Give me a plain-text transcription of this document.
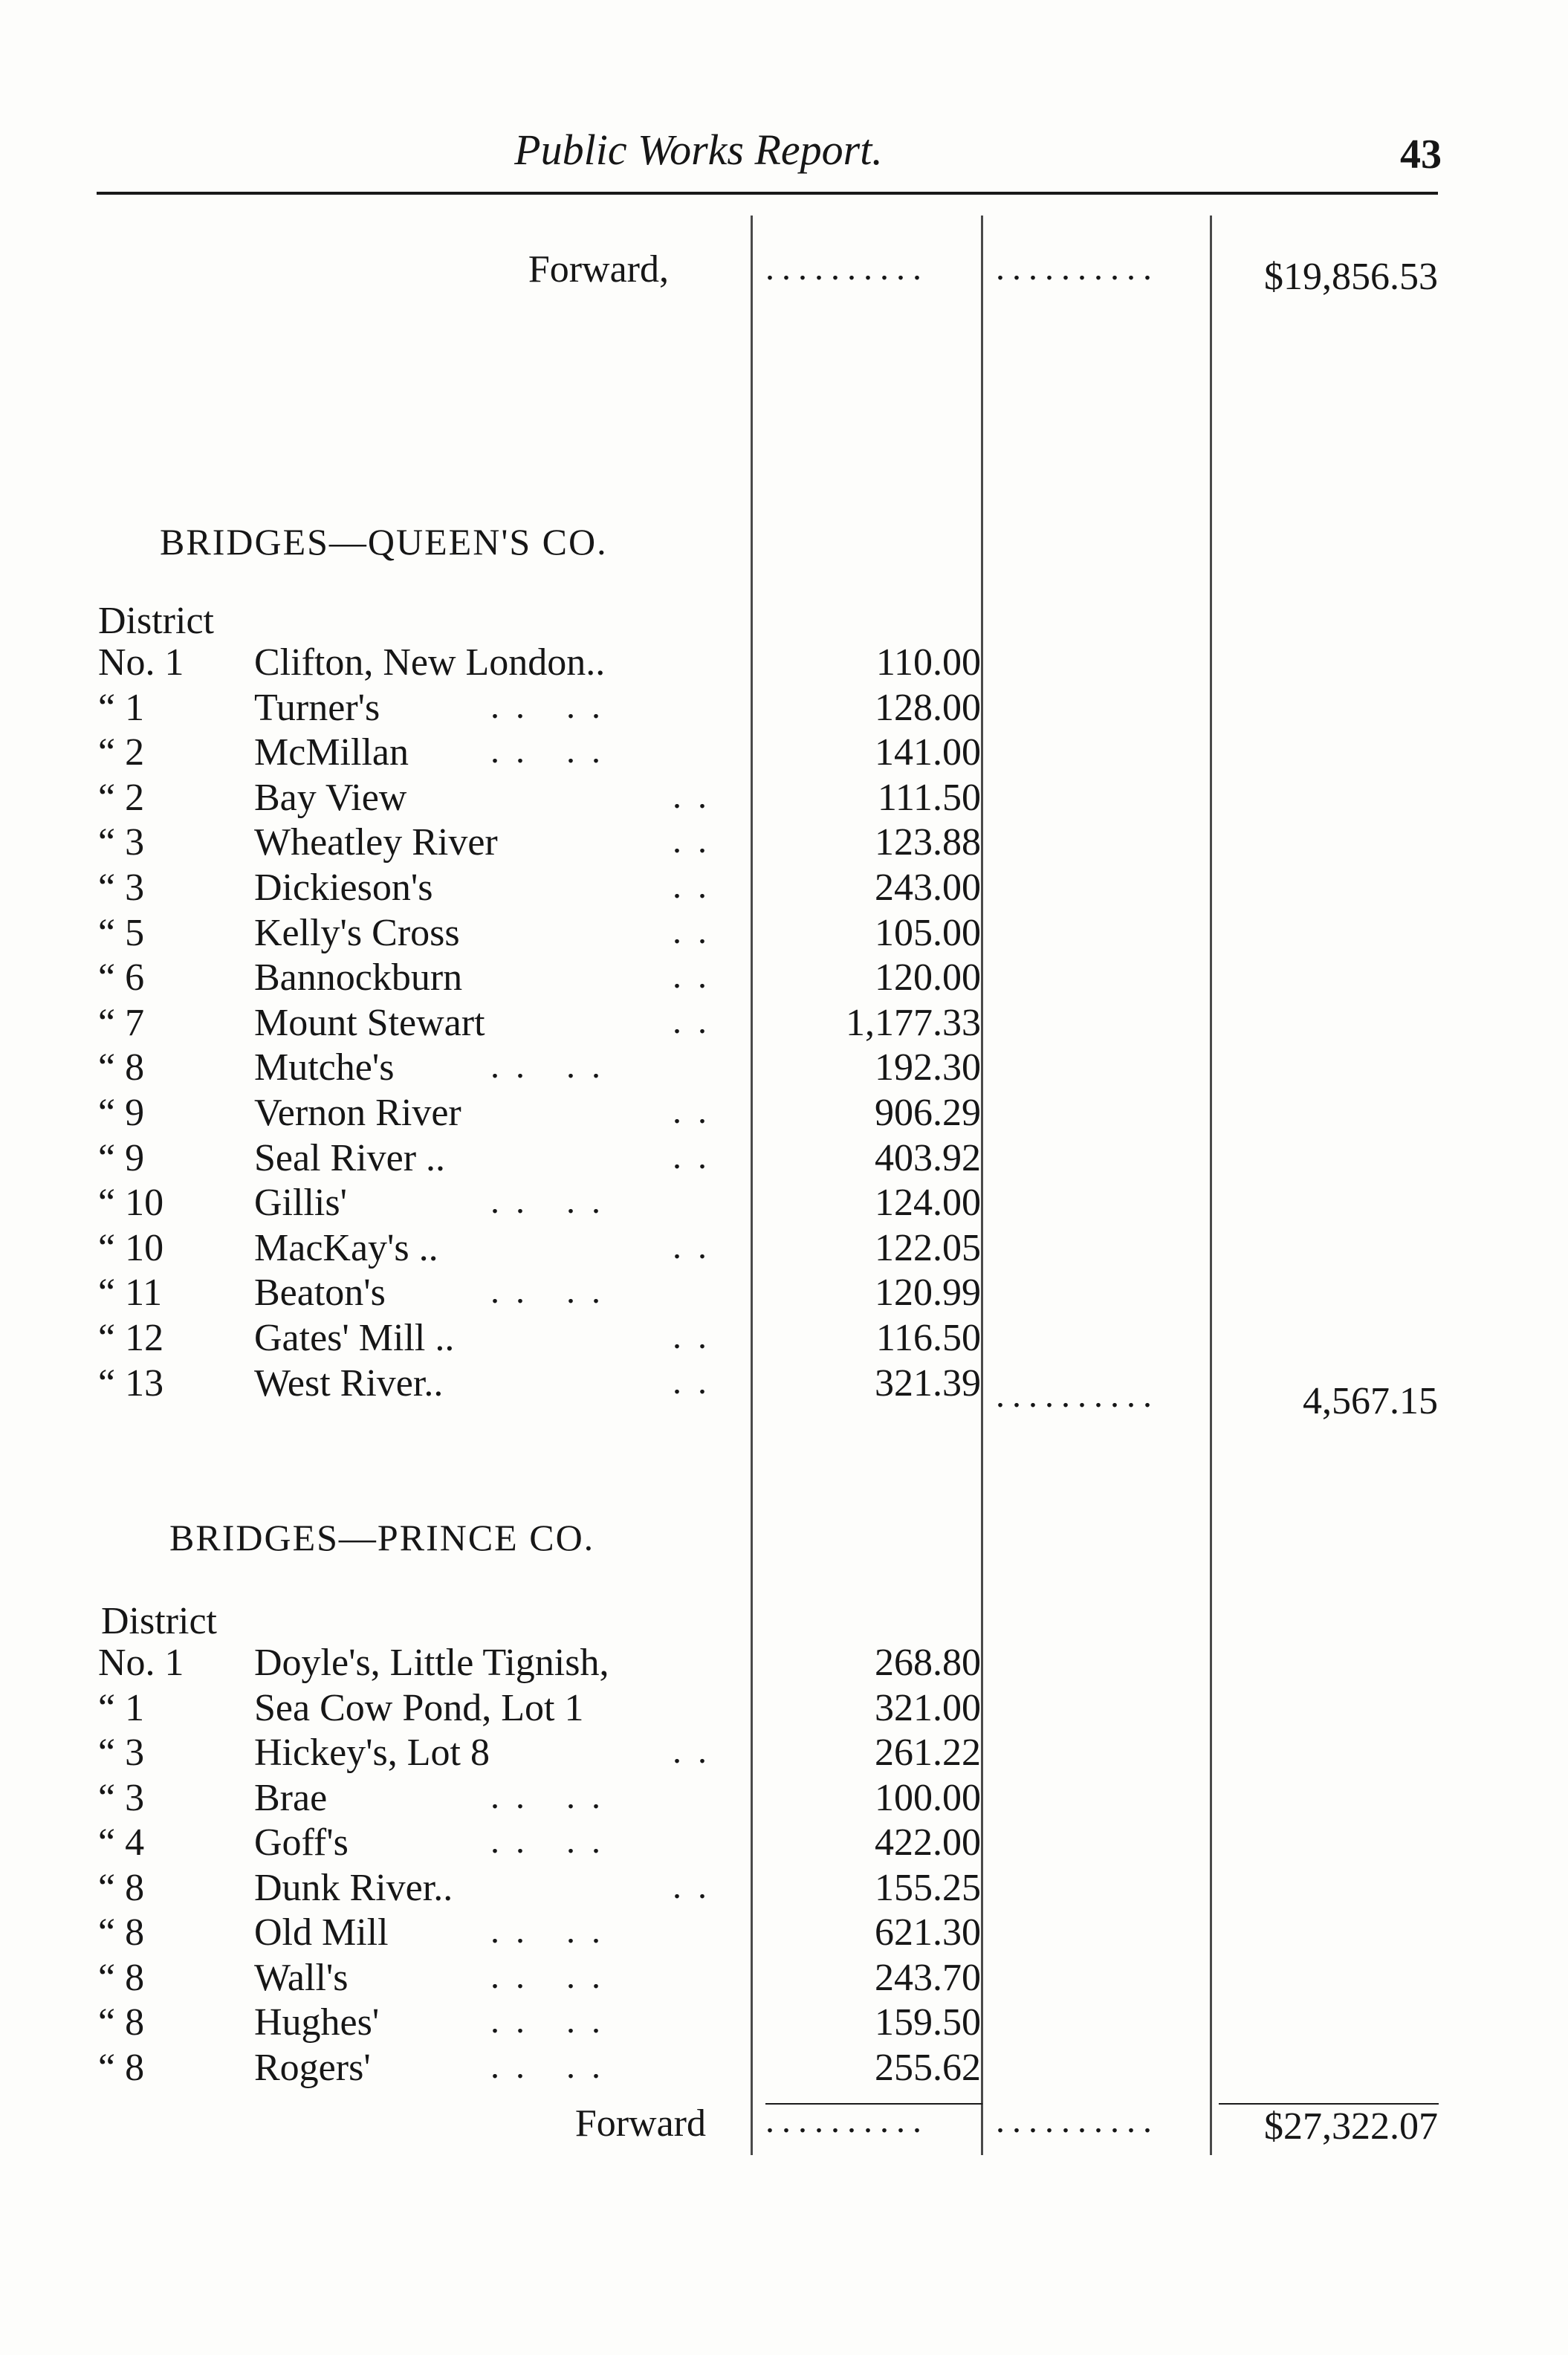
Public Works Report.	43
Forward,	..........	..........	$19,856.53
BRIDGES—QUEEN'S CO.
District
No. 1	Clifton, New London..	110.00
“ 1	Turner's	.. ..	128.00
“ 2	McMillan .. ..	141.00
“ 2	Bay View	..	111.50
“ 3	Wheatley River	..	123.88
“ 3	Dickieson's	..	243.00
“ 5	Kelly's Cross	..	105.00
“ 6	Bannockburn	..	120.00
“ 7	Mount Stewart	..	1,177.33
“ 8	Mutche's	.. ..	192.30
“ 9	Vernon River	..	906.29
“ 9	Seal River ..	..	403.92
“ 10	Gillis'	.. ..	124.00
“ 10	MacKay's ..	..	122.05
“ 11	Beaton's	.. ..	120.99
“ 12	Gates' Mill ..	..	116.50
“ 13	West River..	..	321.39 ..........	4,567.15
BRIDGES—PRINCE CO.
District
No. 1	Doyle's, Little Tignish,	268.80
“ 1	Sea Cow Pond, Lot 1	321.00
“ 3	Hickey's, Lot 8	..	261.22
“ 3	Brae	.. ..	100.00
“ 4	Goff's	.. ..	422.00
“ 8	Dunk River..	..	155.25
“ 8	Old Mill	.. ..	621.30
“ 8	Wall's	.. ..	243.70
“ 8	Hughes'	.. ..	159.50
“ 8	Rogers'	.. ..	255.62
Forward ..........	..........	$27,322.07
